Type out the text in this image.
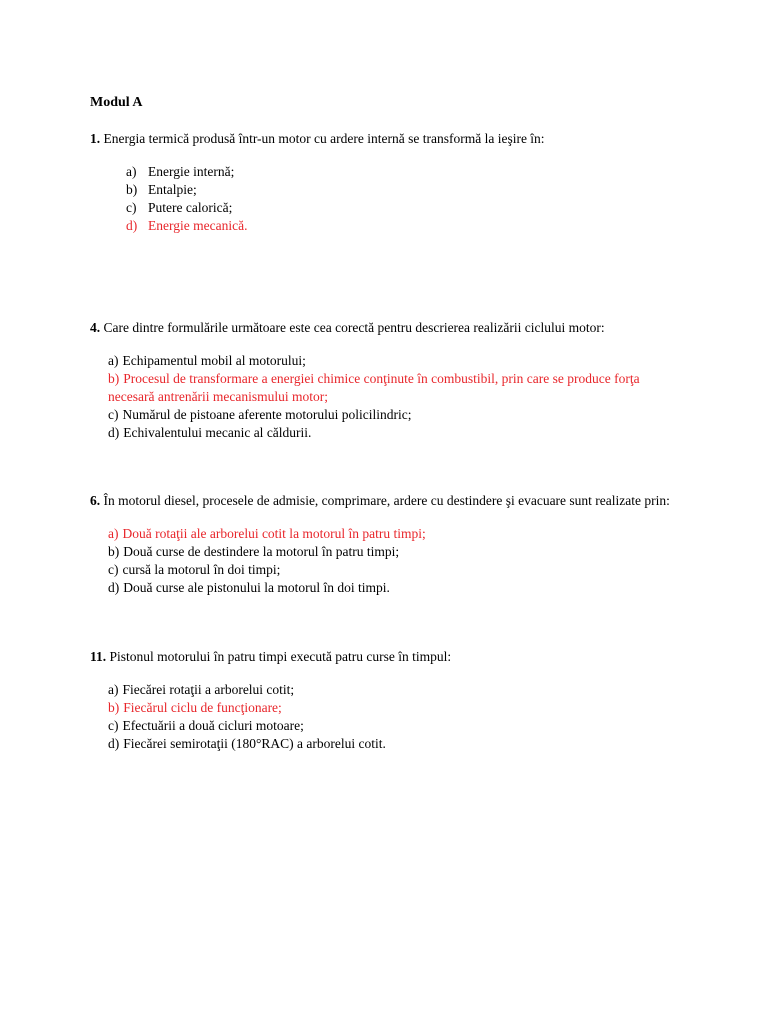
Modul A
1. Energia termică produsă într-un motor cu ardere internă se transformă la ieşire în:
a) Energie internă;
b) Entalpie;
c) Putere calorică;
d) Energie mecanică.
4. Care dintre formulările următoare este cea corectă pentru descrierea realizării ciclului motor:
a) Echipamentul mobil al motorului;
b) Procesul de transformare a energiei chimice conţinute în combustibil, prin care se produce forţa necesară antrenării mecanismului motor;
c) Numărul de pistoane aferente motorului policilindric;
d) Echivalentului mecanic al căldurii.
6. În motorul diesel, procesele de admisie, comprimare, ardere cu destindere şi evacuare sunt realizate prin:
a) Două rotaţii ale arborelui cotit la motorul în patru timpi;
b) Două curse de destindere la motorul în patru timpi;
c) cursă la motorul în doi timpi;
d) Două curse ale pistonului la motorul în doi timpi.
11. Pistonul motorului în patru timpi execută patru curse în timpul:
a) Fiecărei rotaţii a arborelui cotit;
b) Fiecărul ciclu de funcţionare;
c) Efectuării a două cicluri motoare;
d) Fiecărei semirotaţii (180°RAC) a arborelui cotit.
